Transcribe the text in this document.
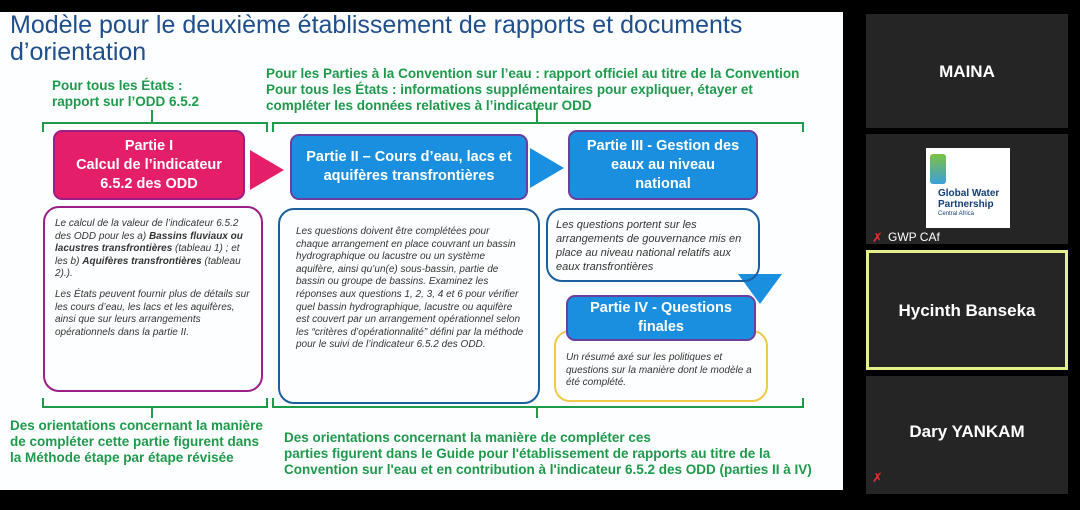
Modèle pour le deuxième établissement de rapports et documents d’orientation
Pour tous les États :
rapport sur l’ODD 6.5.2
Pour les Parties à la Convention sur l’eau : rapport officiel au titre de la Convention
Pour tous les États : informations supplémentaires pour expliquer, étayer et
compléter les données relatives à l’indicateur ODD
Partie I
Calcul de l’indicateur
6.5.2 des ODD
Partie II – Cours d’eau, lacs et
aquifères transfrontières
Partie III - Gestion des
eaux au niveau
national

Le calcul de la valeur de l’indicateur 6.5.2 des ODD pour les a) Bassins fluviaux ou lacustres transfrontières (tableau 1) ; et les b) Aquifères transfrontières (tableau 2).).

Les États peuvent fournir plus de détails sur les cours d’eau, les lacs et les aquifères, ainsi que sur leurs arrangements opérationnels dans la partie II.

Les questions doivent être complétées pour chaque arrangement en place couvrant un bassin hydrographique ou lacustre ou un système aquifère, ainsi qu’un(e) sous-bassin, partie de bassin ou groupe de bassins. Examinez les réponses aux questions 1, 2, 3, 4 et 6 pour vérifier quel bassin hydrographique, lacustre ou aquifère est couvert par un arrangement opérationnel selon les “critères d’opérationnalité” défini par la méthode pour le suivi de l’indicateur 6.5.2 des ODD.

Les questions portent sur les arrangements de gouvernance mis en place au niveau national relatifs aux eaux transfrontières
Un résumé axé sur les politiques et questions sur la manière dont le modèle a été complété.
Partie IV - Questions
finales
Des orientations concernant la manière
de compléter cette partie figurent dans
la Méthode étape par étape révisée
Des orientations concernant la manière de compléter ces
parties figurent dans le Guide pour l'établissement de rapports au titre de la
Convention sur l'eau et en contribution à l'indicateur 6.5.2 des ODD (parties II à IV)
MAINA
Global Water
Partnership
Central Africa
✗ GWP CAf
Hycinth Banseka
Dary YANKAM
✗
